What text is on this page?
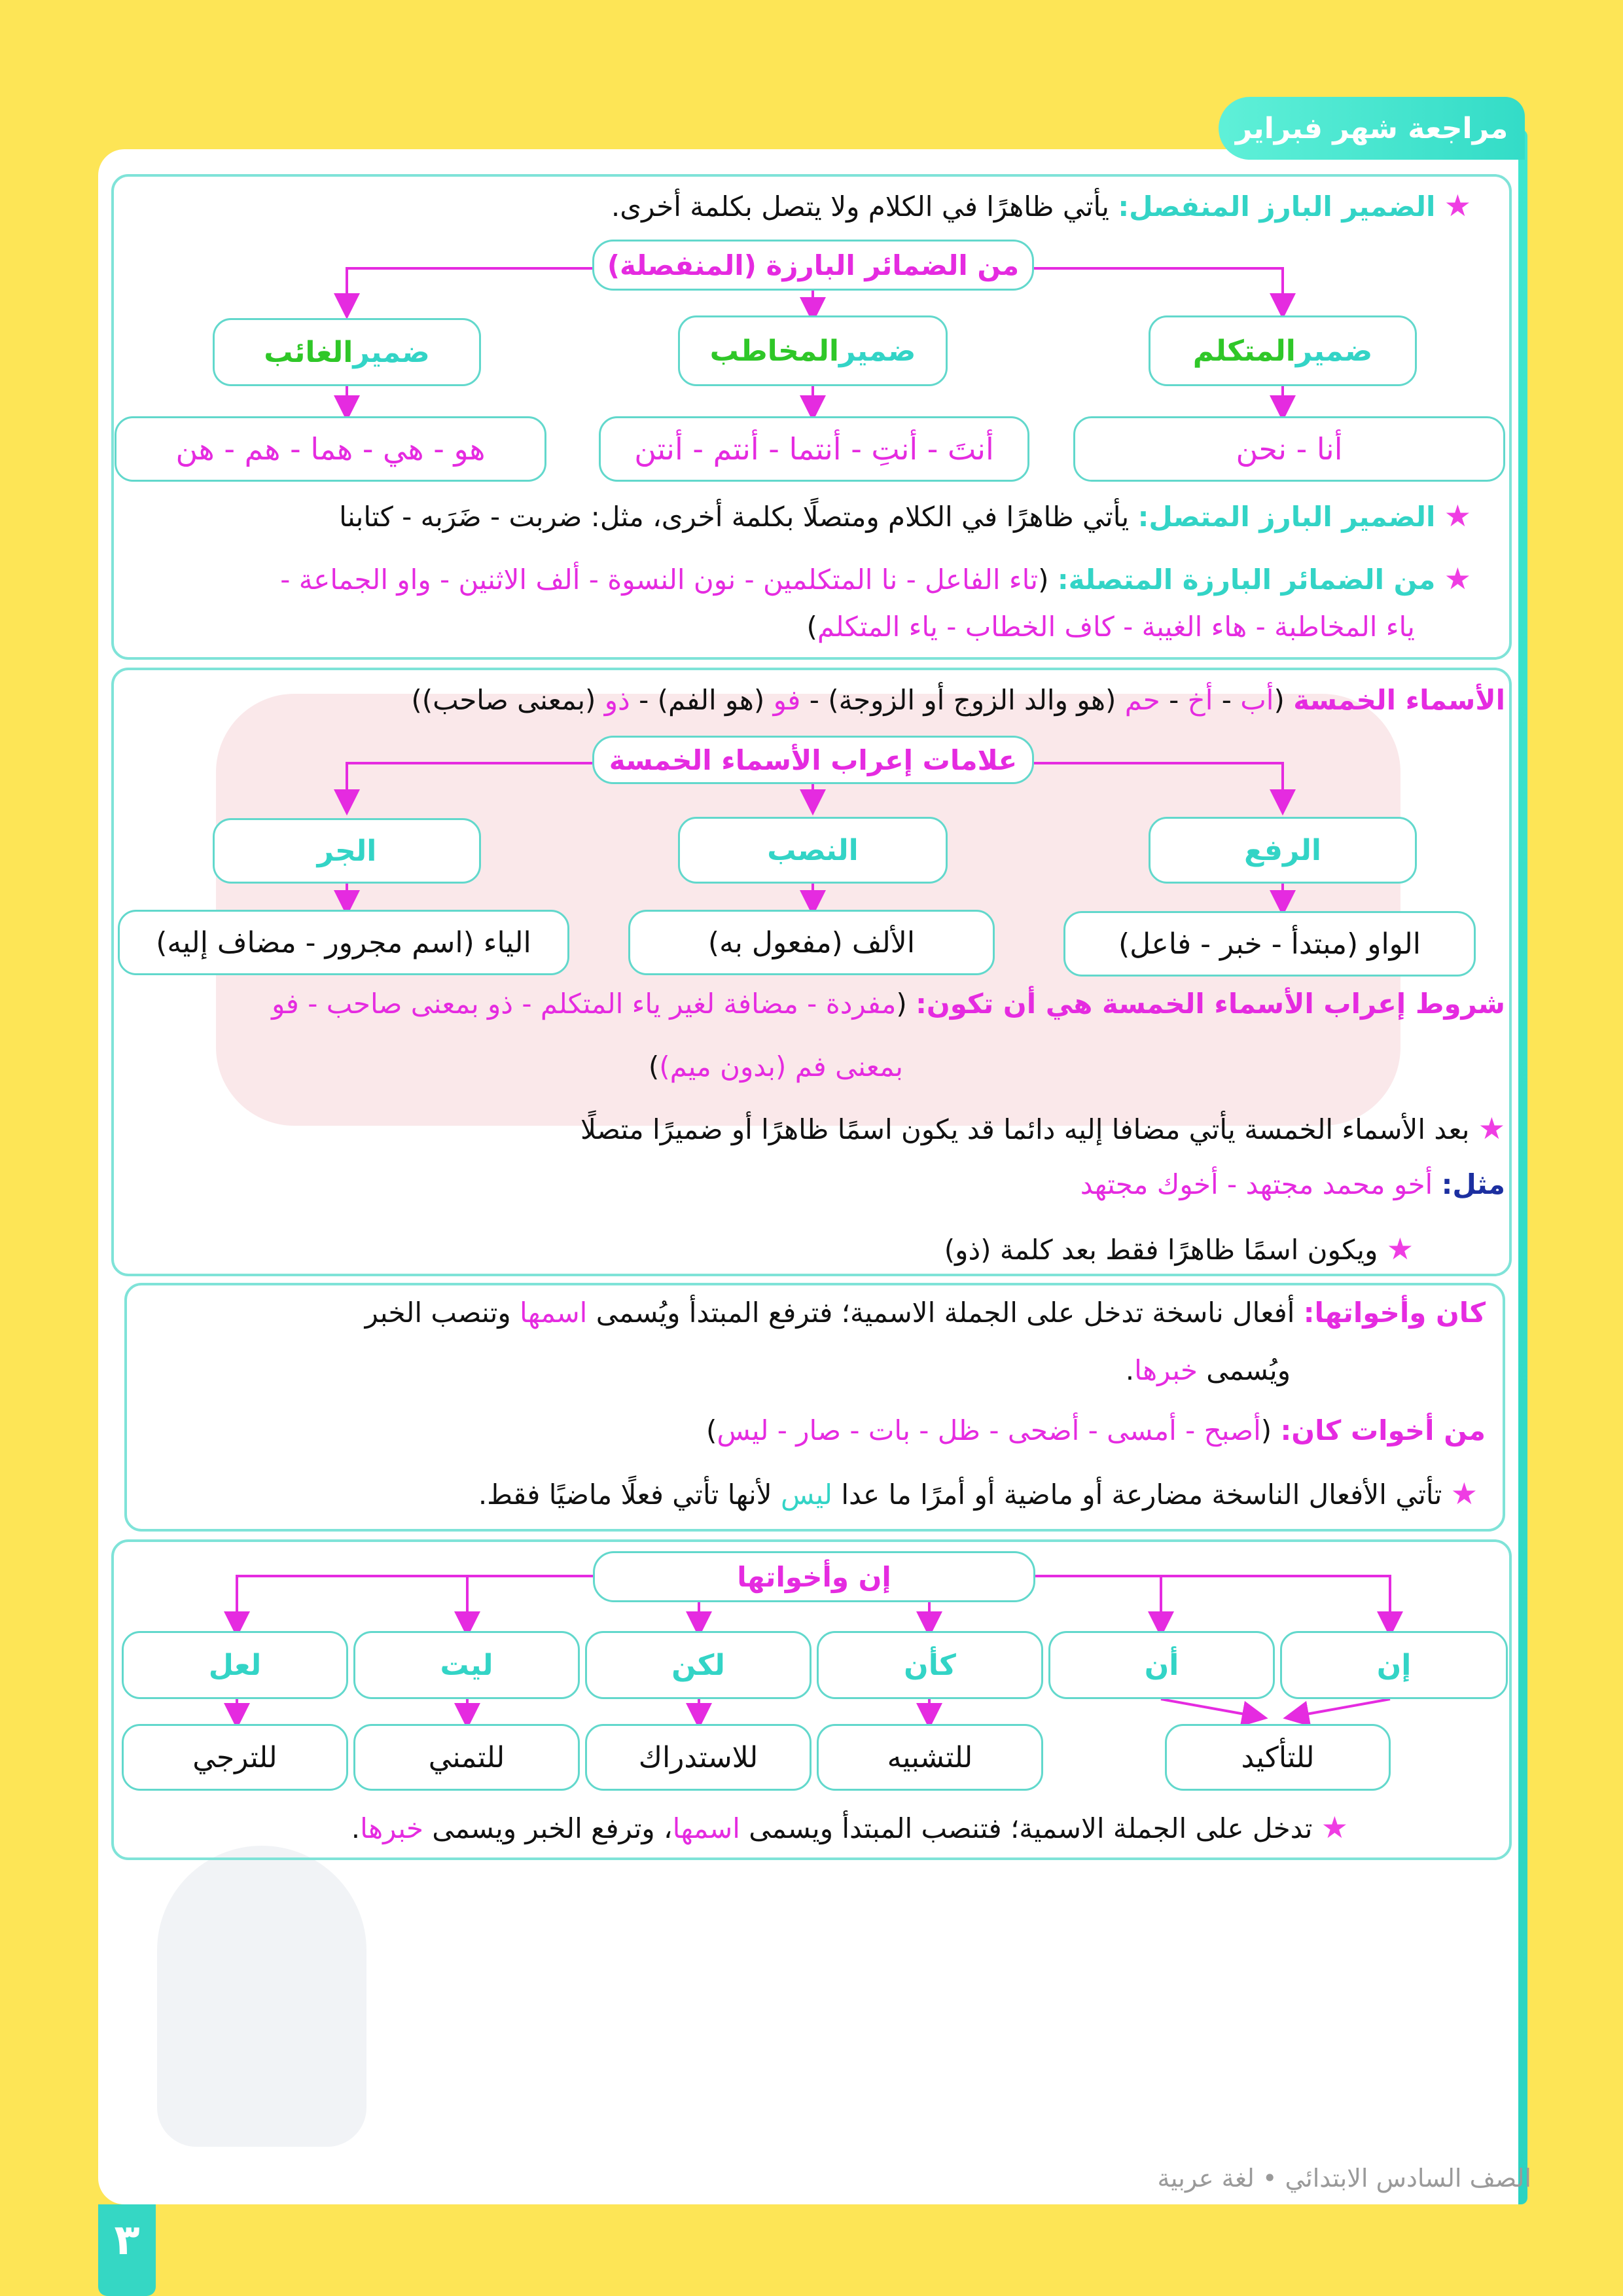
مراجعة شهر فبراير
★ الضمير البارز المنفصل: يأتي ظاهرًا في الكلام ولا يتصل بكلمة أخرى.
من الضمائر البارزة (المنفصلة)
ضمير
المتكلم
ضمير
المخاطب
ضمير
الغائب
أنا - نحن
أنتَ - أنتِ - أنتما - أنتم - أنتن
هو - هي - هما - هم - هن
★ الضمير البارز المتصل: يأتي ظاهرًا في الكلام ومتصلًا بكلمة أخرى، مثل: ضربت - ضَرَبه - كتابنا
★ من الضمائر البارزة المتصلة: (تاء الفاعل - نا المتكلمين - نون النسوة - ألف الاثنين - واو الجماعة -
ياء المخاطبة - هاء الغيبة - كاف الخطاب - ياء المتكلم)
الأسماء الخمسة (أب - أخ - حم (هو والد الزوج أو الزوجة) - فو (هو الفم) - ذو (بمعنى صاحب))
علامات إعراب الأسماء الخمسة
الرفع
النصب
الجر
الواو (مبتدأ - خبر - فاعل)
الألف (مفعول به)
الياء (اسم مجرور - مضاف إليه)
شروط إعراب الأسماء الخمسة هي أن تكون: (مفردة - مضافة لغير ياء المتكلم - ذو بمعنى صاحب - فو
بمعنى فم (بدون ميم))
★ بعد الأسماء الخمسة يأتي مضافا إليه دائما قد يكون اسمًا ظاهرًا أو ضميرًا متصلًا
مثل: أخو محمد مجتهد - أخوك مجتهد
★ ويكون اسمًا ظاهرًا فقط بعد كلمة (ذو)
كان وأخواتها: أفعال ناسخة تدخل على الجملة الاسمية؛ فترفع المبتدأ ويُسمى اسمها وتنصب الخبر
ويُسمى خبرها.
من أخوات كان: (أصبح - أمسى - أضحى - ظل - بات - صار - ليس)
★ تأتي الأفعال الناسخة مضارعة أو ماضية أو أمرًا ما عدا ليس لأنها تأتي فعلًا ماضيًا فقط.
إن وأخواتها
إن
أن
كأن
لكن
ليت
لعل
للتأكيد
للتشبيه
للاستدراك
للتمني
للترجي
★ تدخل على الجملة الاسمية؛ فتنصب المبتدأ ويسمى اسمها، وترفع الخبر ويسمى خبرها.
الصف السادس الابتدائي • لغة عربية
٣
